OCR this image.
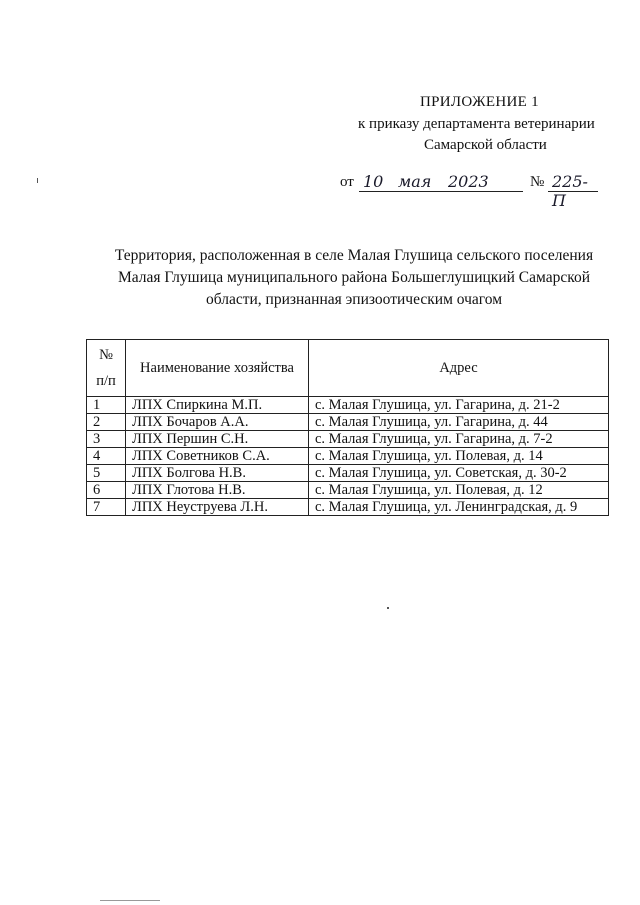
ПРИЛОЖЕНИЕ 1
к приказу департамента ветеринарии
Самарской области
от 10 мая 2023	№ 225-П
Территория, расположенная в селе Малая Глушица сельского поселения
Малая Глушица муниципального района Большеглушицкий Самарской
области, признанная эпизоотическим очагом
№
п/п	Наименование хозяйства	Адрес
1	ЛПХ Спиркина М.П.	с. Малая Глушица, ул. Гагарина, д. 21-2
2	ЛПХ Бочаров А.А.	с. Малая Глушица, ул. Гагарина, д. 44
3	ЛПХ Першин С.Н.	с. Малая Глушица, ул. Гагарина, д. 7-2
4	ЛПХ Советников С.А.	с. Малая Глушица, ул. Полевая, д. 14
5	ЛПХ Болгова Н.В.	с. Малая Глушица, ул. Советская, д. 30-2
6	ЛПХ Глотова Н.В.	с. Малая Глушица, ул. Полевая, д. 12
7	ЛПХ Неуструева Л.Н.	с. Малая Глушица, ул. Ленинградская, д. 9
